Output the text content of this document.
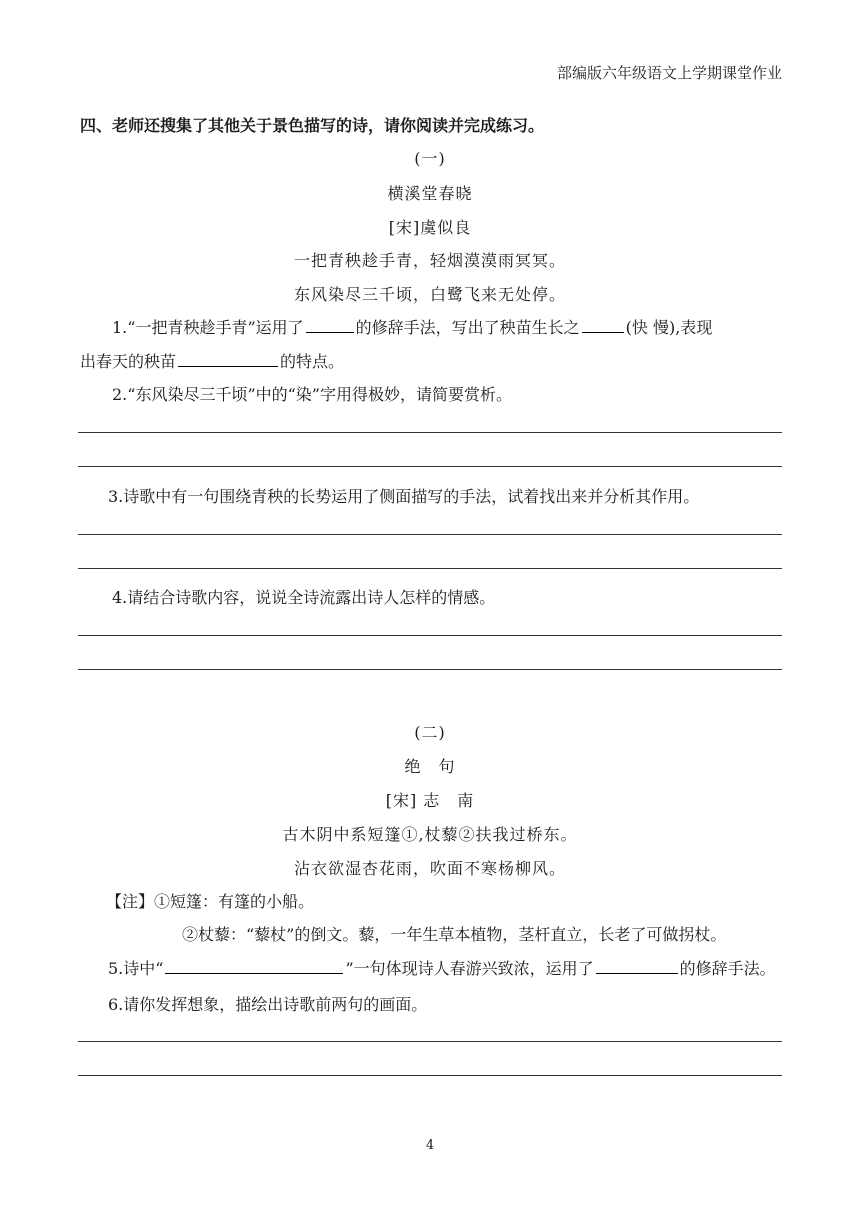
部编版六年级语文上学期课堂作业
四、老师还搜集了其他关于景色描写的诗，请你阅读并完成练习。
(一)
横溪堂春晓
[宋]虞似良
一把青秧趁手青，轻烟漠漠雨冥冥。
东风染尽三千顷，白鹭飞来无处停。
1.“一把青秧趁手青”运用了	的修辞手法，写出了秧苗生长之	(快 慢),表现
出春天的秧苗	的特点。
2.“东风染尽三千顷”中的“染”字用得极妙，请简要赏析。
3.诗歌中有一句围绕青秧的长势运用了侧面描写的手法，试着找出来并分析其作用。
4.请结合诗歌内容，说说全诗流露出诗人怎样的情感。
(二)
绝　句
[宋] 志　南
古木阴中系短篷①,杖藜②扶我过桥东。
沾衣欲湿杏花雨，吹面不寒杨柳风。
【注】①短篷：有篷的小船。
②杖藜：“藜杖”的倒文。藜，一年生草本植物，茎杆直立，长老了可做拐杖。
5.诗中“	”一句体现诗人春游兴致浓，运用了	的修辞手法。
6.请你发挥想象，描绘出诗歌前两句的画面。
4
